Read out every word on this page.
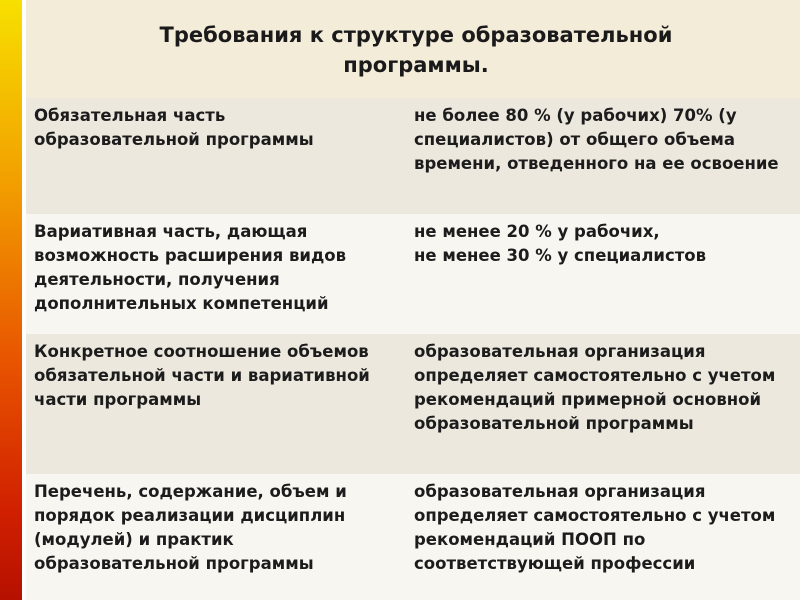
Требования к структуре образовательной программы.
Обязательная часть образовательной программы
не более 80 % (у рабочих) 70% (у специалистов) от общего объема времени, отведенного на ее освоение
Вариативная часть, дающая возможность расширения видов деятельности, получения дополнительных компетенций
не менее 20 % у рабочих,
не менее 30 % у специалистов
Конкретное соотношение объемов обязательной части и вариативной части программы
образовательная организация определяет самостоятельно с учетом рекомендаций примерной основной образовательной программы
Перечень, содержание, объем и порядок реализации дисциплин (модулей) и практик образовательной программы
образовательная организация определяет самостоятельно с учетом рекомендаций ПООП по соответствующей профессии
